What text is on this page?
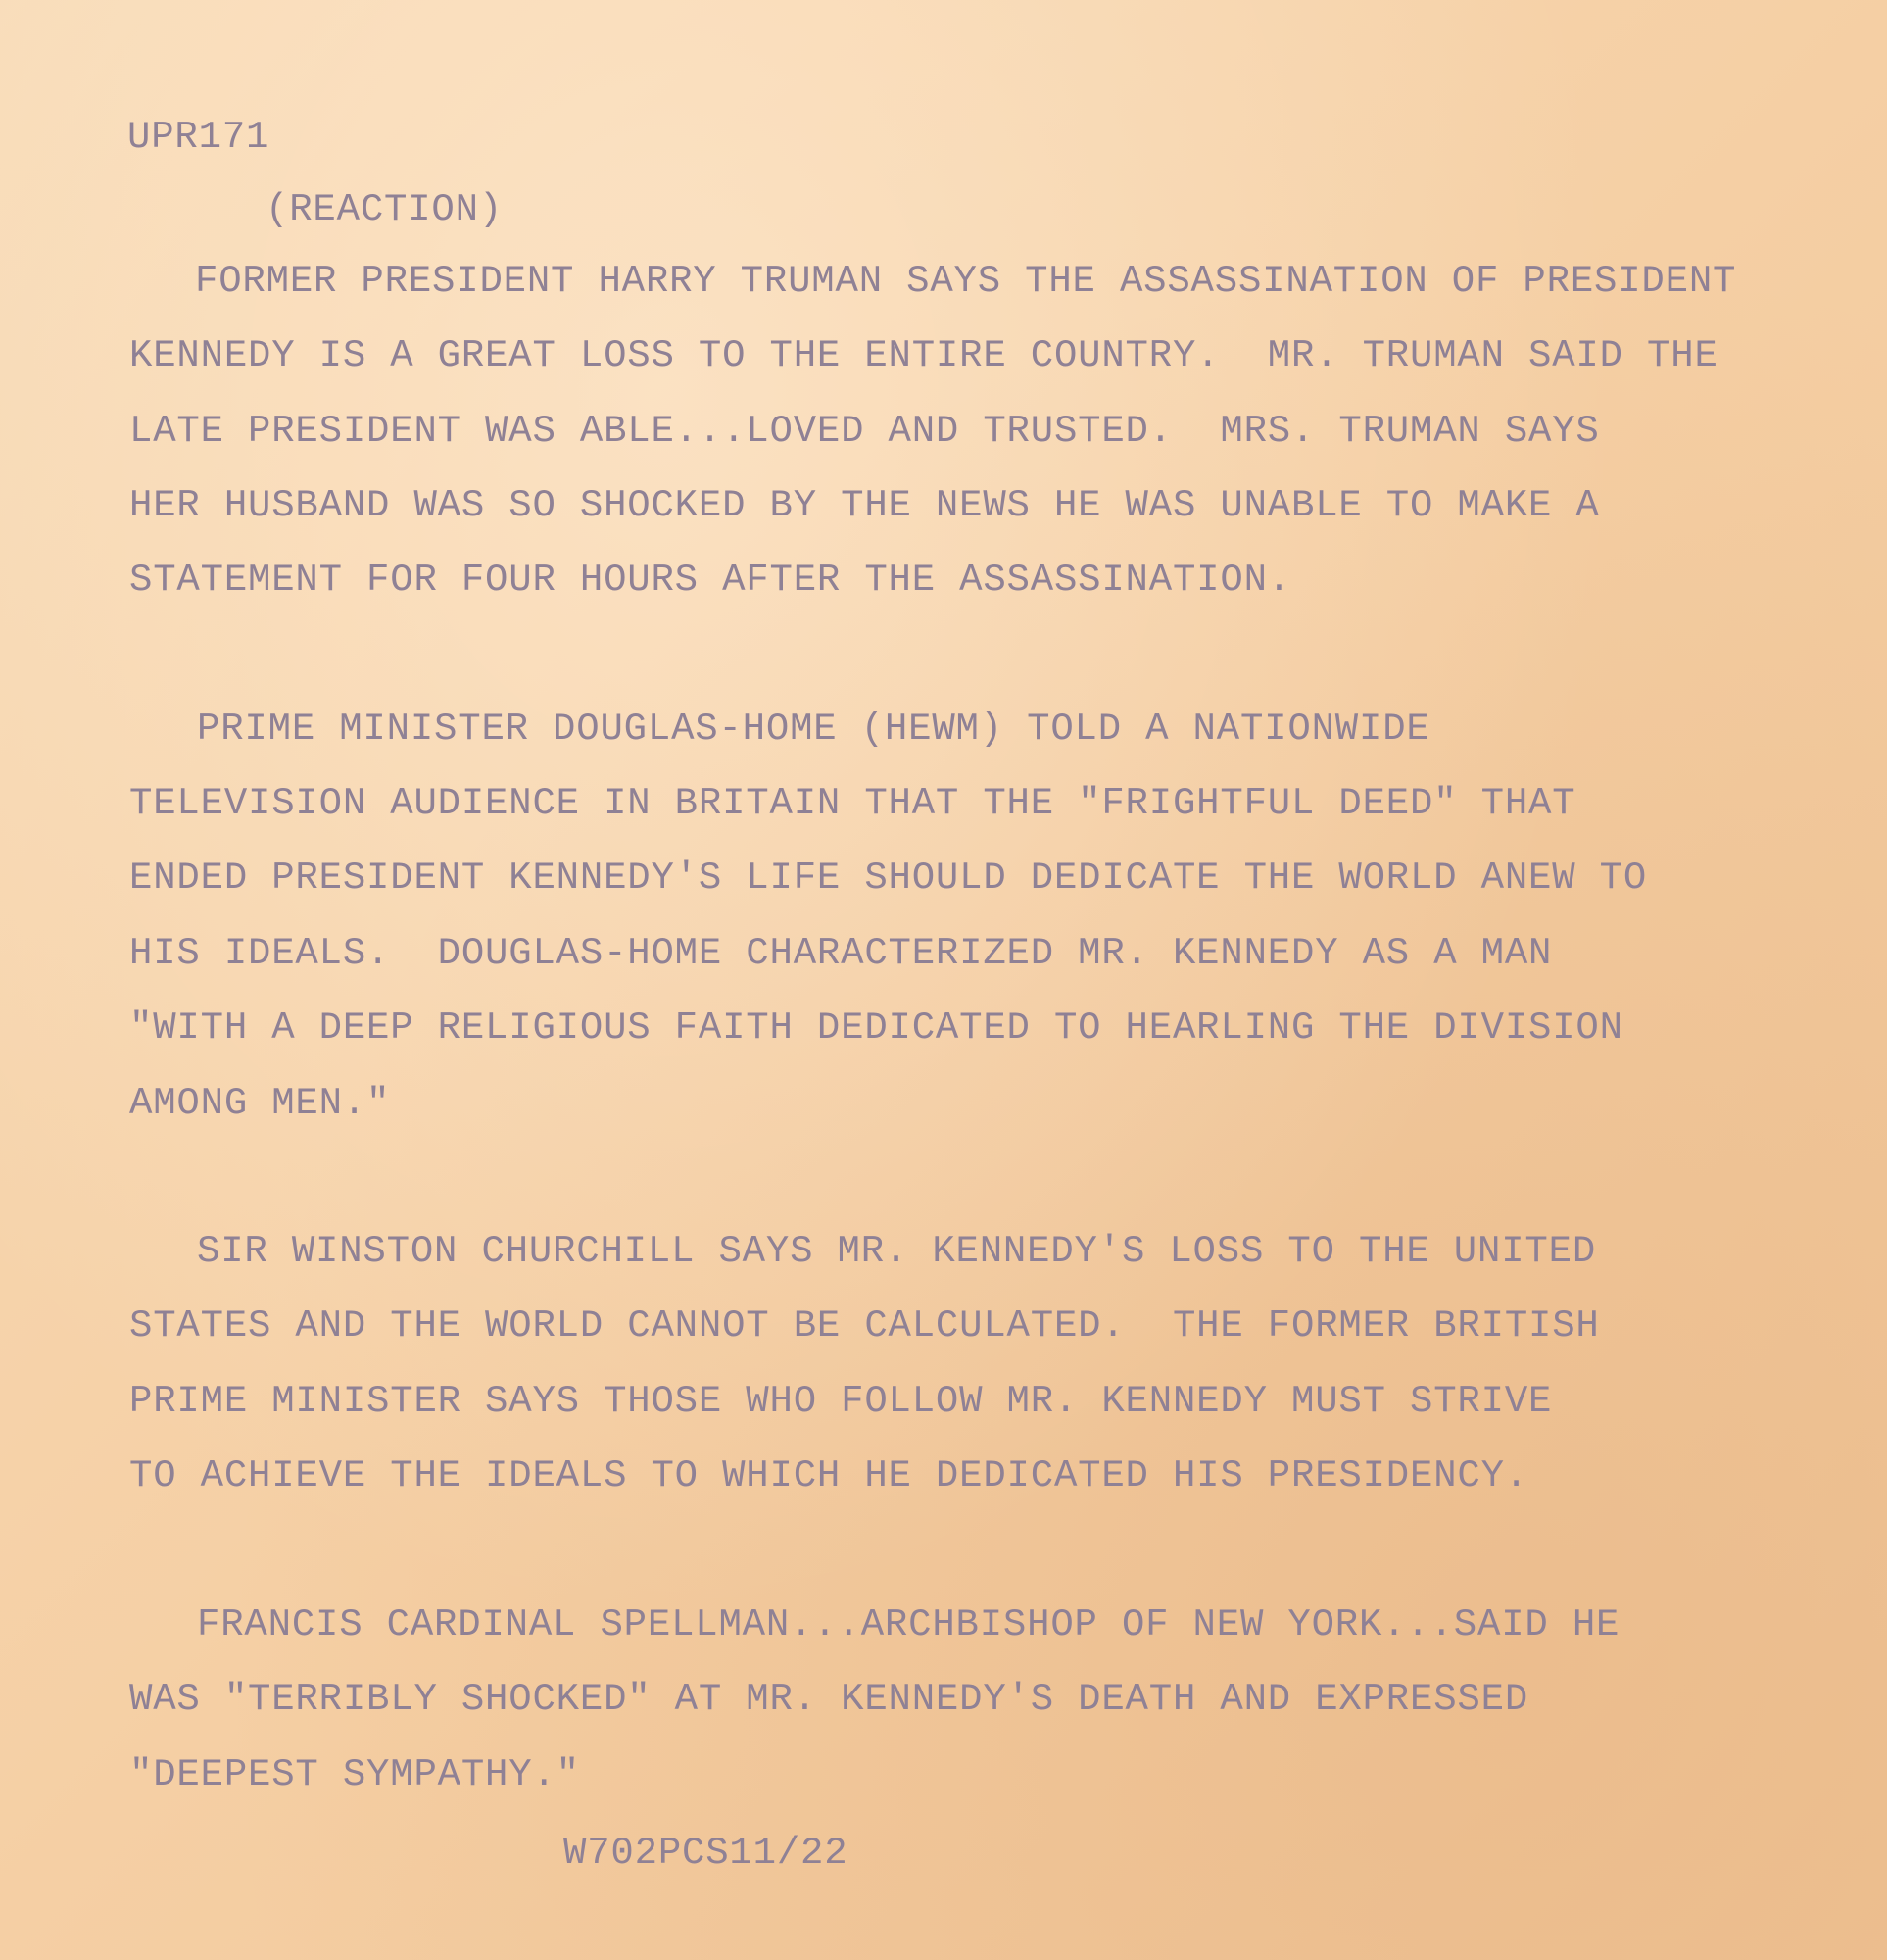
UPR171

(REACTION)

FORMER PRESIDENT HARRY TRUMAN SAYS THE ASSASSINATION OF PRESIDENT

KENNEDY IS A GREAT LOSS TO THE ENTIRE COUNTRY.  MR. TRUMAN SAID THE

LATE PRESIDENT WAS ABLE...LOVED AND TRUSTED.  MRS. TRUMAN SAYS

HER HUSBAND WAS SO SHOCKED BY THE NEWS HE WAS UNABLE TO MAKE A

STATEMENT FOR FOUR HOURS AFTER THE ASSASSINATION.

PRIME MINISTER DOUGLAS-HOME (HEWM) TOLD A NATIONWIDE

TELEVISION AUDIENCE IN BRITAIN THAT THE "FRIGHTFUL DEED" THAT

ENDED PRESIDENT KENNEDY'S LIFE SHOULD DEDICATE THE WORLD ANEW TO

HIS IDEALS.  DOUGLAS-HOME CHARACTERIZED MR. KENNEDY AS A MAN

"WITH A DEEP RELIGIOUS FAITH DEDICATED TO HEARLING THE DIVISION

AMONG MEN."

SIR WINSTON CHURCHILL SAYS MR. KENNEDY'S LOSS TO THE UNITED

STATES AND THE WORLD CANNOT BE CALCULATED.  THE FORMER BRITISH

PRIME MINISTER SAYS THOSE WHO FOLLOW MR. KENNEDY MUST STRIVE

TO ACHIEVE THE IDEALS TO WHICH HE DEDICATED HIS PRESIDENCY.

FRANCIS CARDINAL SPELLMAN...ARCHBISHOP OF NEW YORK...SAID HE

WAS "TERRIBLY SHOCKED" AT MR. KENNEDY'S DEATH AND EXPRESSED

"DEEPEST SYMPATHY."

W702PCS11/22
